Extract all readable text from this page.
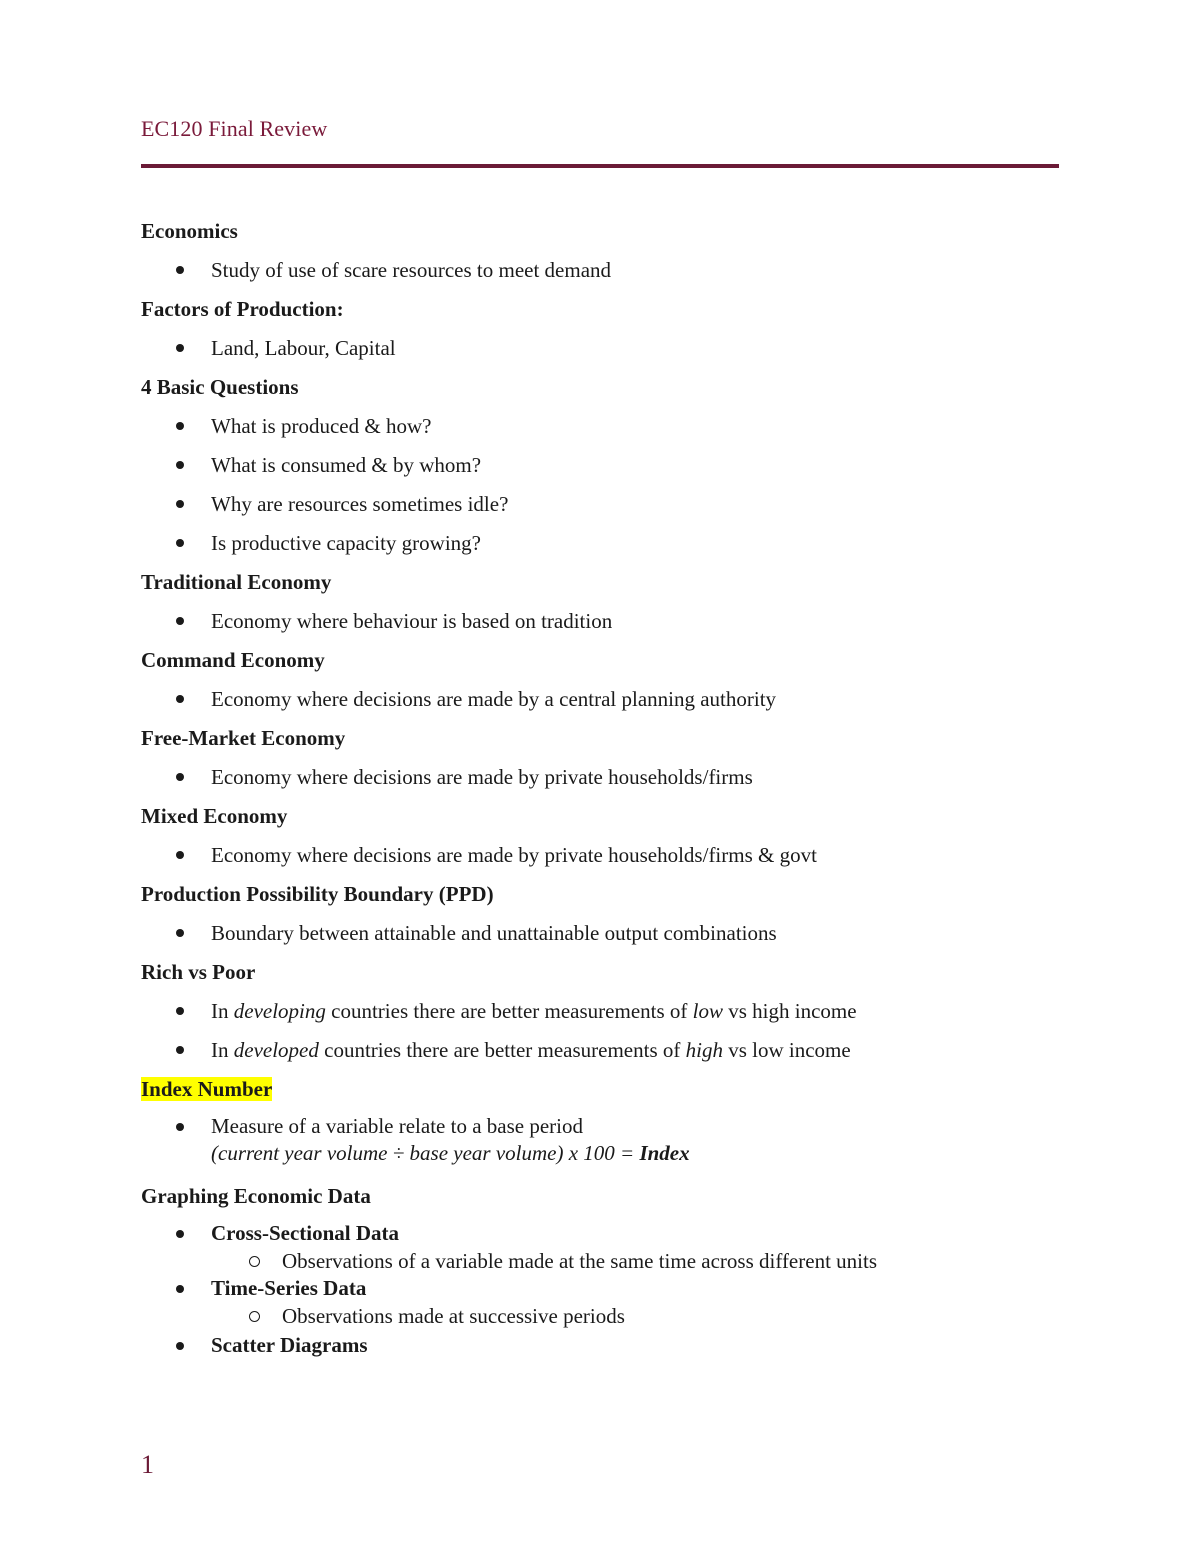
EC120 Final Review
Economics
Study of use of scare resources to meet demand
Factors of Production:
Land, Labour, Capital
4 Basic Questions
What is produced & how?
What is consumed & by whom?
Why are resources sometimes idle?
Is productive capacity growing?
Traditional Economy
Economy where behaviour is based on tradition
Command Economy
Economy where decisions are made by a central planning authority
Free-Market Economy
Economy where decisions are made by private households/firms
Mixed Economy
Economy where decisions are made by private households/firms & govt
Production Possibility Boundary (PPD)
Boundary between attainable and unattainable output combinations
Rich vs Poor
In developing countries there are better measurements of low vs high income
In developed countries there are better measurements of high vs low income
Index Number
Measure of a variable relate to a base period
(current year volume ÷ base year volume) x 100 = Index
Graphing Economic Data
Cross-Sectional Data
Observations of a variable made at the same time across different units
Time-Series Data
Observations made at successive periods
Scatter Diagrams
1
